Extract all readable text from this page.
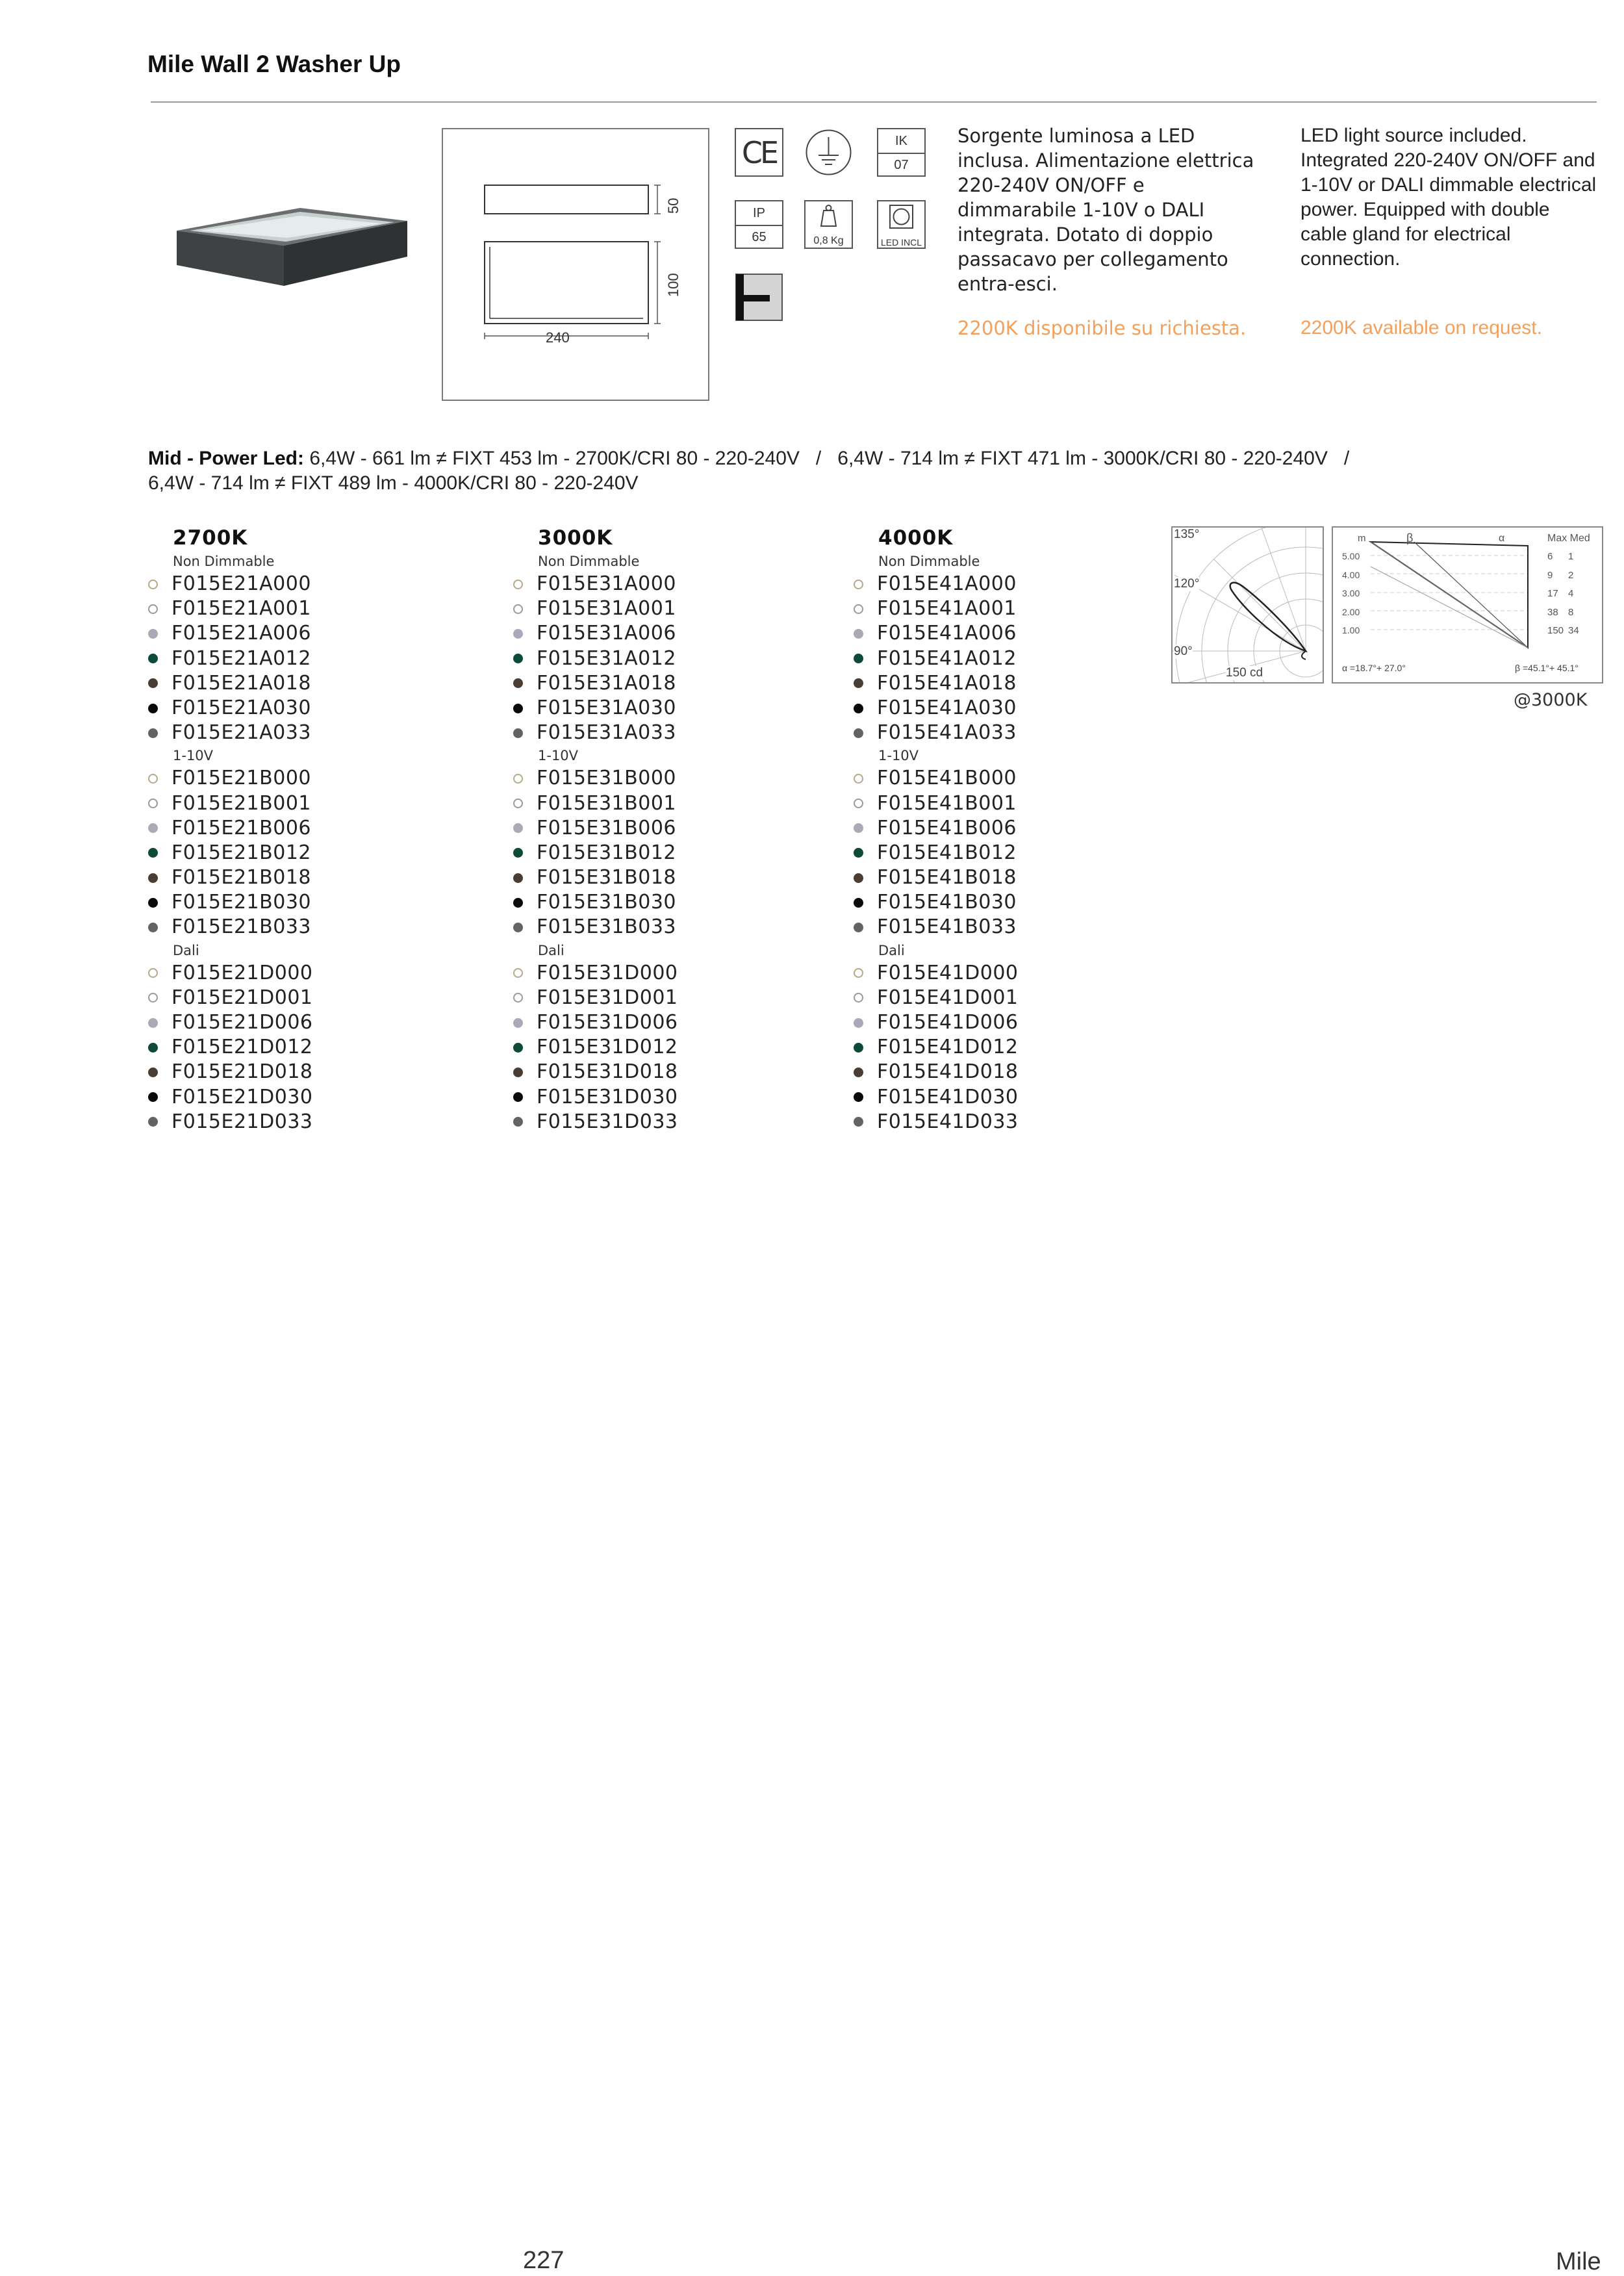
Mile Wall 2 Washer Up
240
50
100
CE	IK
07
IP
65	0,8 Kg	LED INCL
Sorgente luminosa a LED inclusa. Alimentazione elettrica 220-240V ON/OFF e dimmarabile 1-10V o DALI integrata. Dotato di doppio passacavo per collegamento entra-esci.
LED light source included. Integrated 220-240V ON/OFF and 1-10V or DALI dimmable electrical power. Equipped with double cable gland for electrical connection.
2200K disponibile su richiesta.	2200K available on request.
Mid - Power Led: 6,4W - 661 lm ≠ FIXT 453 lm - 2700K/CRI 80 - 220-240V   /   6,4W - 714 lm ≠ FIXT 471 lm - 3000K/CRI 80 - 220-240V   /
6,4W - 714 lm ≠ FIXT 489 lm - 4000K/CRI 80 - 220-240V
2700K
Non Dimmable
F015E21A000
F015E21A001
F015E21A006
F015E21A012
F015E21A018
F015E21A030
F015E21A033
1-10V
F015E21B000
F015E21B001
F015E21B006
F015E21B012
F015E21B018
F015E21B030
F015E21B033
Dali
F015E21D000
F015E21D001
F015E21D006
F015E21D012
F015E21D018
F015E21D030
F015E21D033
3000K
Non Dimmable
F015E31A000
F015E31A001
F015E31A006
F015E31A012
F015E31A018
F015E31A030
F015E31A033
1-10V
F015E31B000
F015E31B001
F015E31B006
F015E31B012
F015E31B018
F015E31B030
F015E31B033
Dali
F015E31D000
F015E31D001
F015E31D006
F015E31D012
F015E31D018
F015E31D030
F015E31D033
4000K
Non Dimmable
F015E41A000
F015E41A001
F015E41A006
F015E41A012
F015E41A018
F015E41A030
F015E41A033
1-10V
F015E41B000
F015E41B001
F015E41B006
F015E41B012
F015E41B018
F015E41B030
F015E41B033
Dali
F015E41D000
F015E41D001
F015E41D006
F015E41D012
F015E41D018
F015E41D030
F015E41D033
135°
120°
90°
150 cd
m	β	α	Max Med
5.00	6 1
4.00	9 2
3.00	17 4
2.00	38 8
1.00	150 34
α =18.7°+ 27.0°	β =45.1°+ 45.1°
@3000K
227	Mile
